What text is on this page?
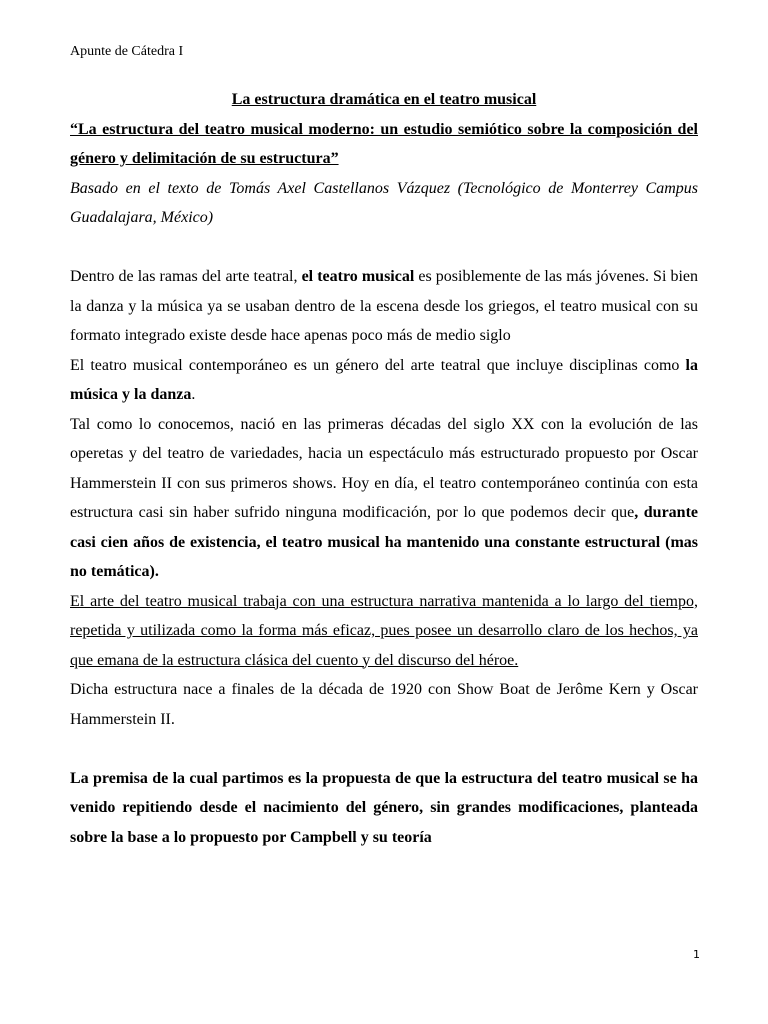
Apunte de Cátedra I

La estructura dramática en el teatro musical

“La estructura del teatro musical moderno: un estudio semiótico sobre la composición del género y delimitación de su estructura”

Basado en el texto de Tomás Axel Castellanos Vázquez (Tecnológico de Monterrey Campus Guadalajara, México)

Dentro de las ramas del arte teatral, el teatro musical es posiblemente de las más jóvenes. Si bien la danza y la música ya se usaban dentro de la escena desde los griegos, el teatro musical con su formato integrado existe desde hace apenas poco más de medio siglo

El teatro musical contemporáneo es un género del arte teatral que incluye disciplinas como la música y la danza.

Tal como lo conocemos, nació en las primeras décadas del siglo XX con la evolución de las operetas y del teatro de variedades, hacia un espectáculo más estructurado propuesto por Oscar Hammerstein II con sus primeros shows. Hoy en día, el teatro contemporáneo continúa con esta estructura casi sin haber sufrido ninguna modificación, por lo que podemos decir que, durante casi cien años de existencia, el teatro musical ha mantenido una constante estructural (mas no temática).

El arte del teatro musical trabaja con una estructura narrativa mantenida a lo largo del tiempo, repetida y utilizada como la forma más eficaz, pues posee un desarrollo claro de los hechos, ya que emana de la estructura clásica del cuento y del discurso del héroe.

Dicha estructura nace a finales de la década de 1920 con Show Boat de Jerôme Kern y Oscar Hammerstein II.

La premisa de la cual partimos es la propuesta de que la estructura del teatro musical se ha venido repitiendo desde el nacimiento del género, sin grandes modificaciones, planteada sobre la base a lo propuesto por Campbell y su teoría

1
